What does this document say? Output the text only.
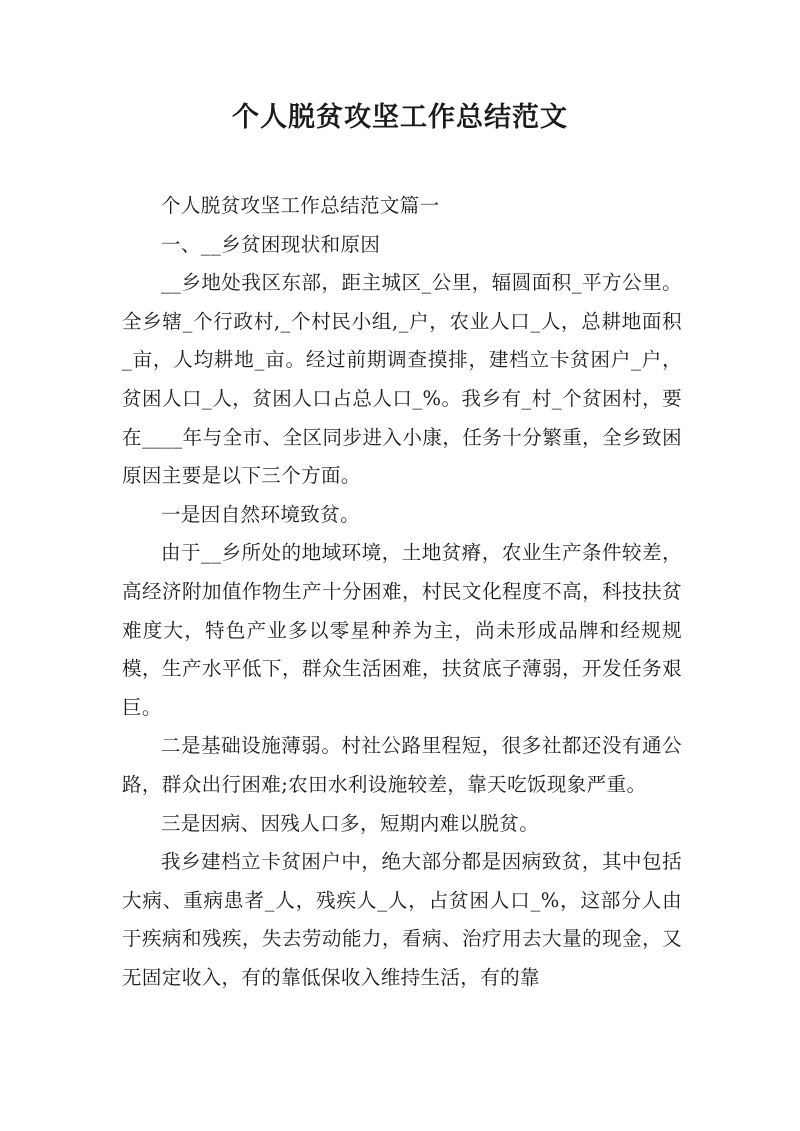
个人脱贫攻坚工作总结范文

个人脱贫攻坚工作总结范文篇一

一、__乡贫困现状和原因

__乡地处我区东部，距主城区_公里，辐圆面积_平方公里。全乡辖_个行政村,_个村民小组,_户，农业人口_人，总耕地面积_亩，人均耕地_亩。经过前期调查摸排，建档立卡贫困户_户，贫困人口_人，贫困人口占总人口_%。我乡有_村_个贫困村，要在____年与全市、全区同步进入小康，任务十分繁重，全乡致困原因主要是以下三个方面。

一是因自然环境致贫。

由于__乡所处的地域环境，土地贫瘠，农业生产条件较差，高经济附加值作物生产十分困难，村民文化程度不高，科技扶贫难度大，特色产业多以零星种养为主，尚未形成品牌和经规规模，生产水平低下，群众生活困难，扶贫底子薄弱，开发任务艰巨。

二是基础设施薄弱。村社公路里程短，很多社都还没有通公路，群众出行困难;农田水利设施较差，靠天吃饭现象严重。

三是因病、因残人口多，短期内难以脱贫。

我乡建档立卡贫困户中，绝大部分都是因病致贫，其中包括大病、重病患者_人，残疾人_人，占贫困人口_%，这部分人由于疾病和残疾，失去劳动能力，看病、治疗用去大量的现金，又无固定收入，有的靠低保收入维持生活，有的靠
